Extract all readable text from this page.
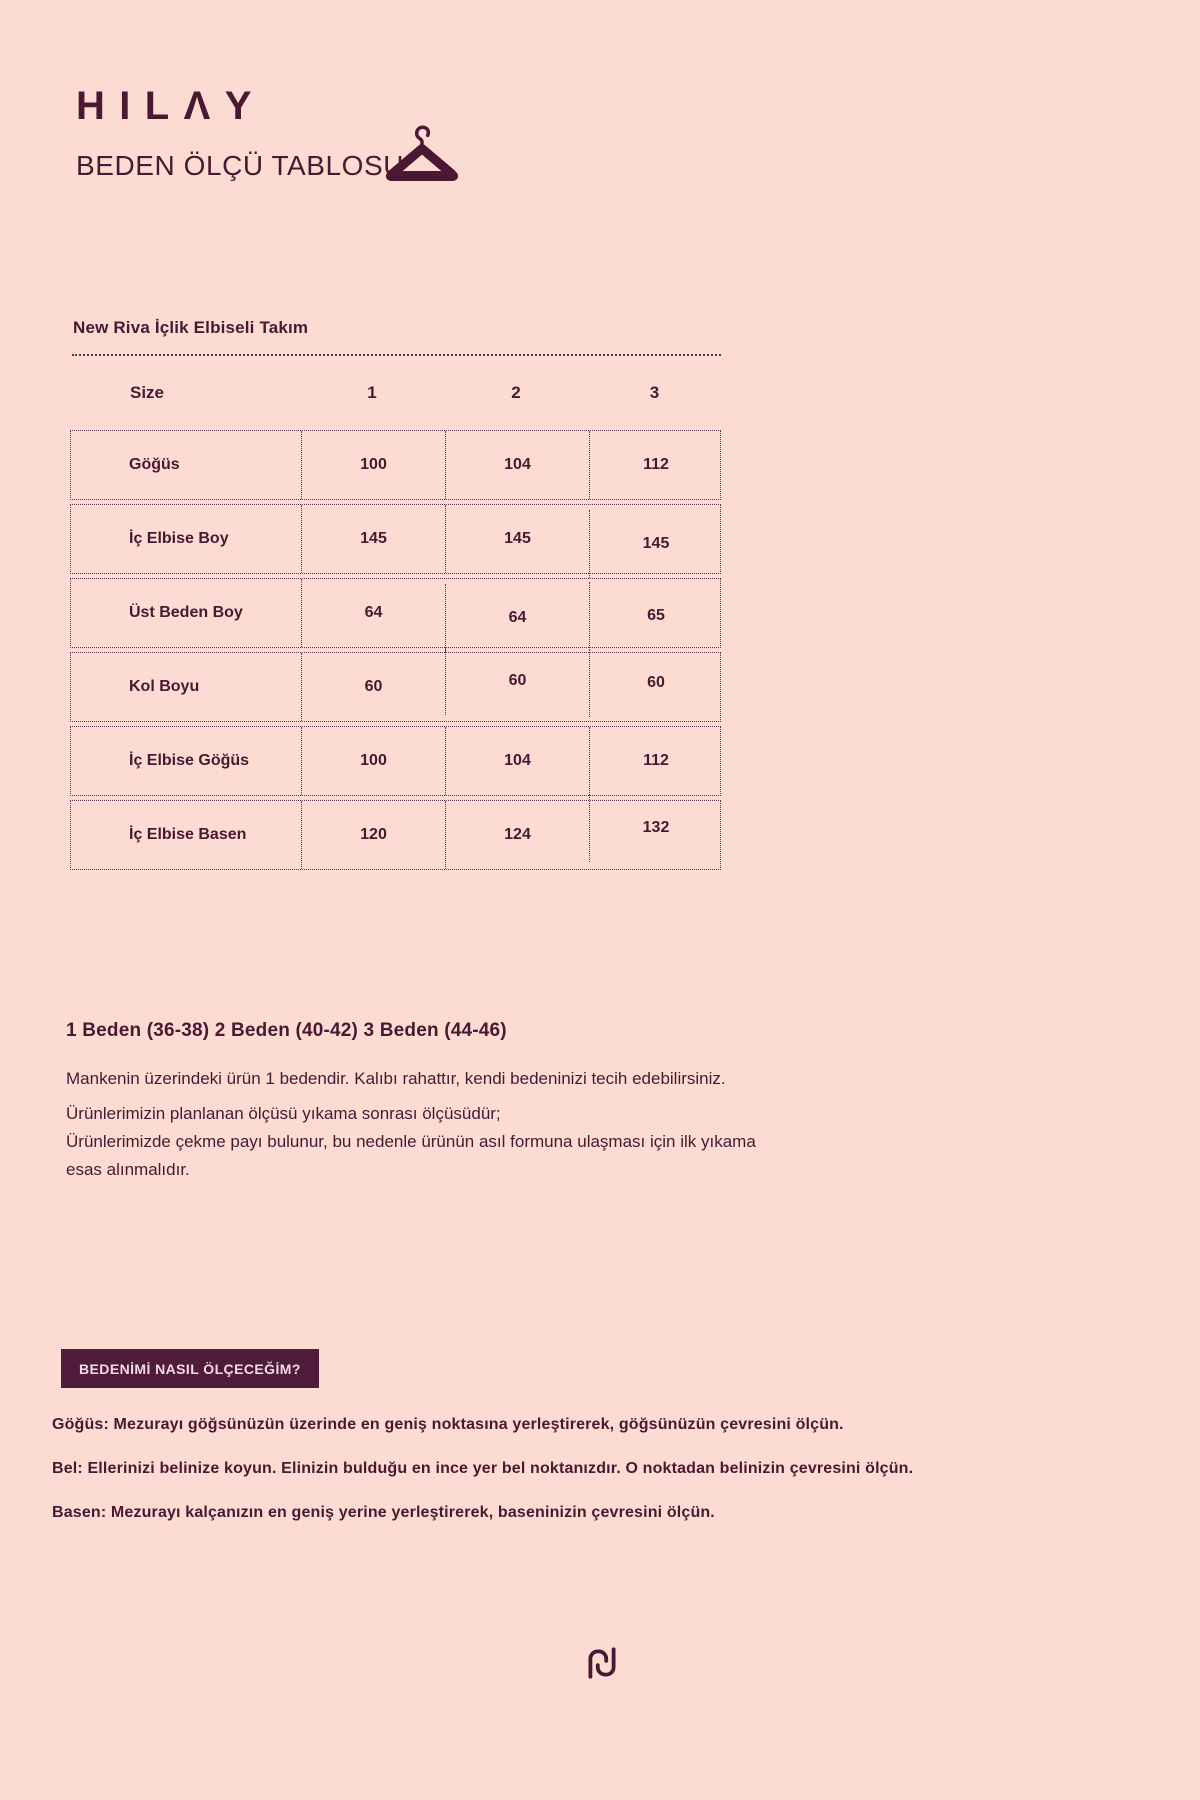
HILΛY
BEDEN ÖLÇÜ TABLOSU
New Riva İçlik Elbiseli Takım
Size	1	2	3
Göğüs	100	104	112
İç Elbise Boy	145	145	145
Üst Beden Boy	64	64	65
Kol Boyu	60	60	60
İç Elbise Göğüs	100	104	112
İç Elbise Basen	120	124	132
1 Beden (36-38) 2 Beden (40-42) 3 Beden (44-46)
Mankenin üzerindeki ürün 1 bedendir. Kalıbı rahattır, kendi bedeninizi tecih edebilirsiniz.
Ürünlerimizin planlanan ölçüsü yıkama sonrası ölçüsüdür;
Ürünlerimizde çekme payı bulunur, bu nedenle ürünün asıl formuna ulaşması için ilk yıkama
esas alınmalıdır.
BEDENİMİ NASIL ÖLÇECEĞİM?
Göğüs: Mezurayı göğsünüzün üzerinde en geniş noktasına yerleştirerek, göğsünüzün çevresini ölçün.
Bel: Ellerinizi belinize koyun. Elinizin bulduğu en ince yer bel noktanızdır. O noktadan belinizin çevresini ölçün.
Basen: Mezurayı kalçanızın en geniş yerine yerleştirerek, baseninizin çevresini ölçün.
